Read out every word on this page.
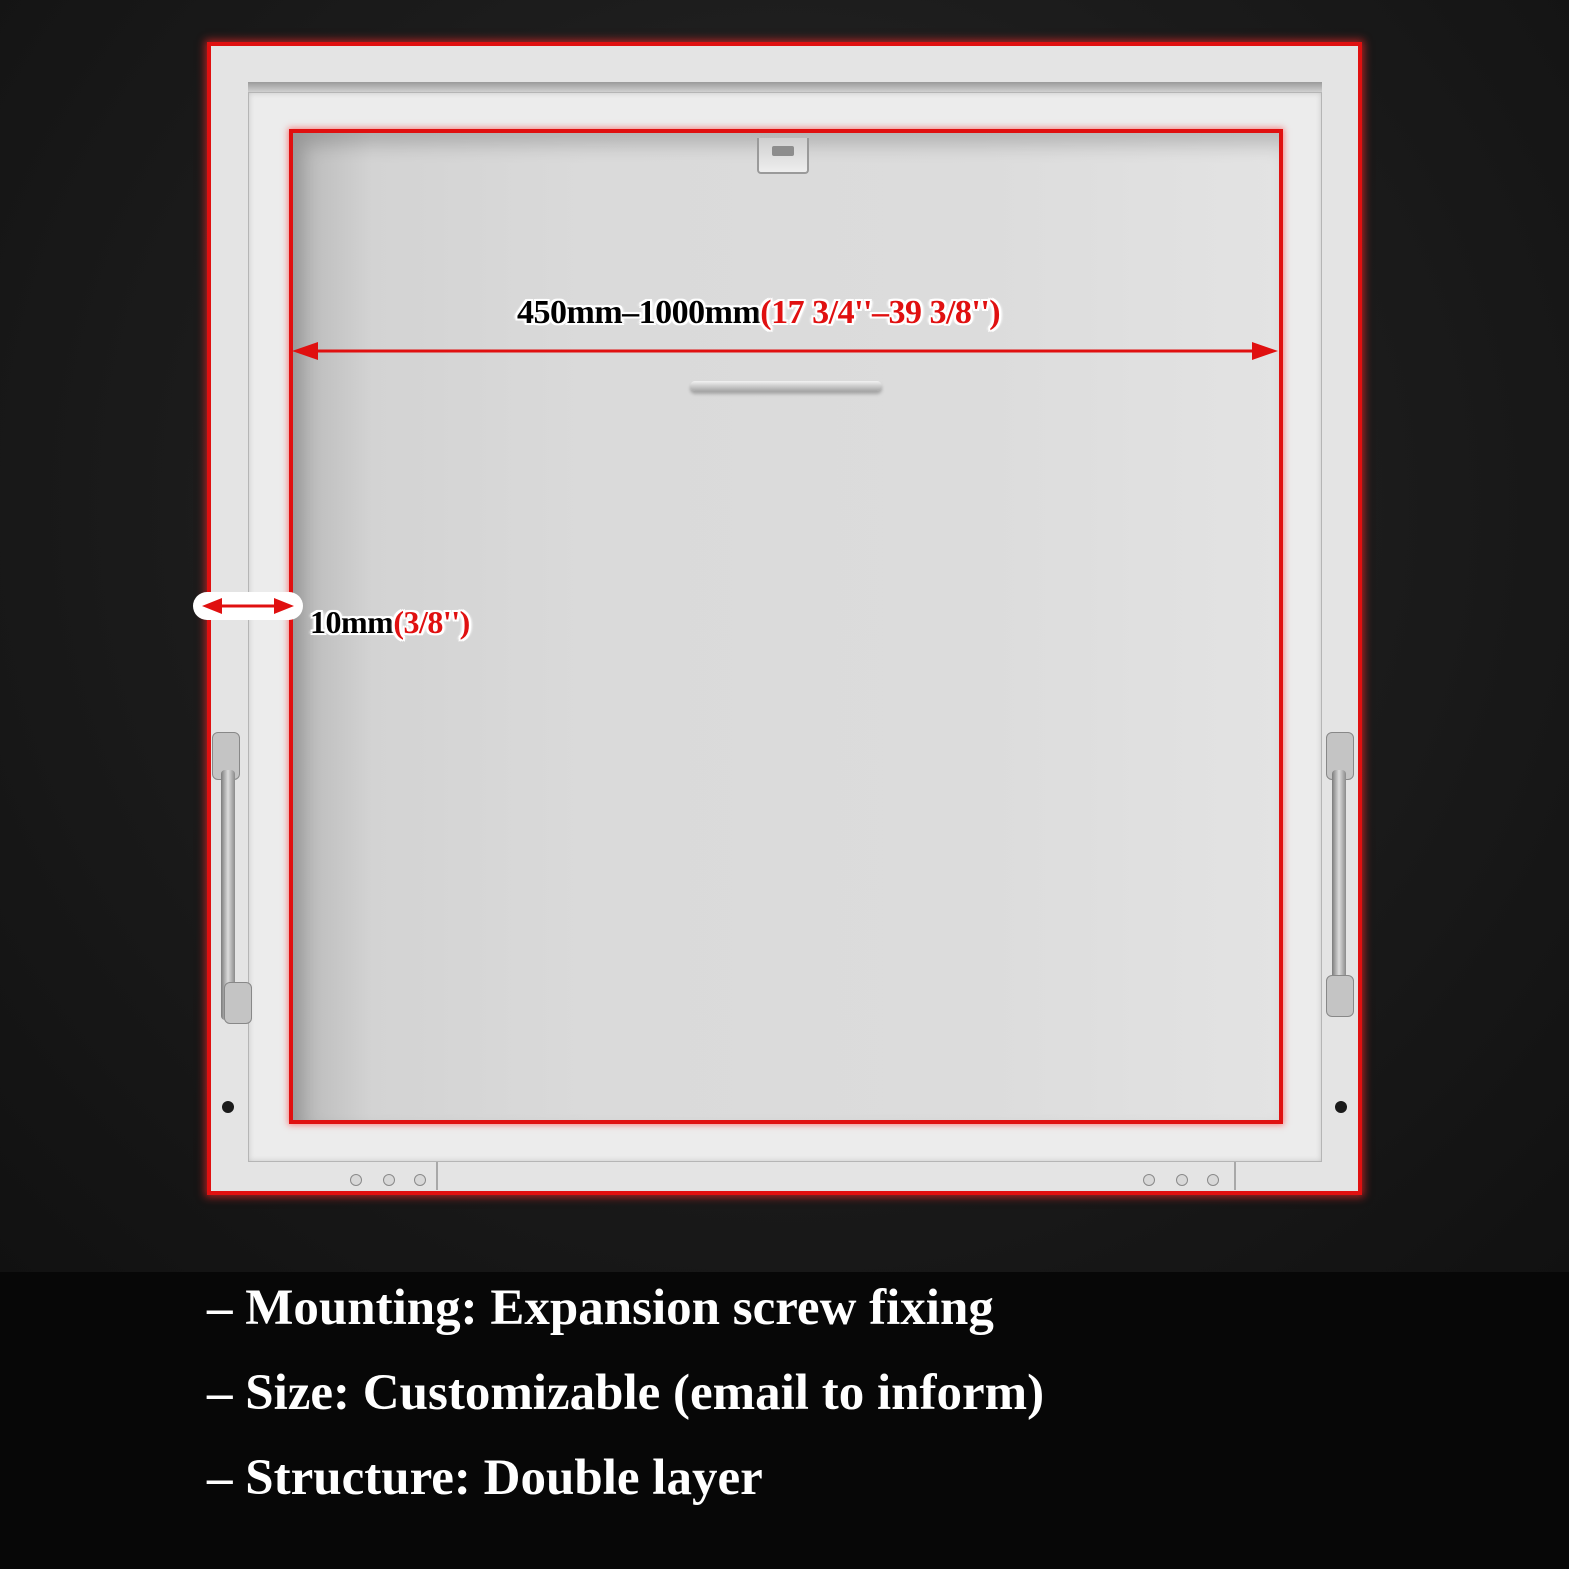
450mm–1000mm(17 3/4''–39 3/8'')
10mm(3/8'')
– Mounting: Expansion screw fixing
– Size: Customizable (email to inform)
– Structure: Double layer
